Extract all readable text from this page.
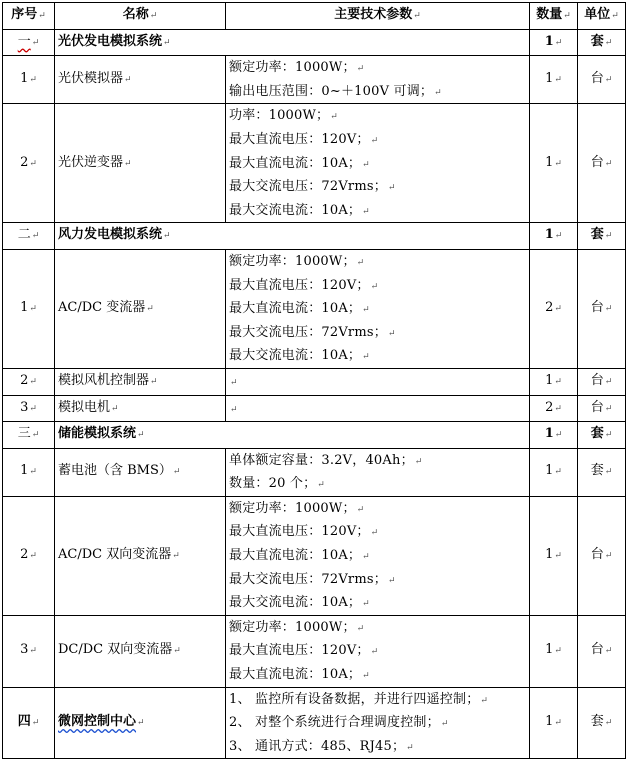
序号↵	名称↵	主要技术参数↵	数量↵	单位↵
一↵	光伏发电模拟系统↵		1↵	套↵
1↵	光伏模拟器↵	额定功率：1000W；↵
输出电压范围：0~＋100V 可调；↵	1↵	台↵
2↵	光伏逆变器↵	功率：1000W；↵
最大直流电压：120V；↵
最大直流电流：10A；↵
最大交流电压：72Vrms；↵
最大交流电流：10A；↵	1↵	台↵
二↵	风力发电模拟系统↵		1↵	套↵
1↵	AC/DC 变流器↵	额定功率：1000W；↵
最大直流电压：120V；↵
最大直流电流：10A；↵
最大交流电压：72Vrms；↵
最大交流电流：10A；↵	2↵	台↵
2↵	模拟风机控制器↵	↵	1↵	台↵
3↵	模拟电机↵	↵	2↵	台↵
三↵	储能模拟系统↵		1↵	套↵
1↵	蓄电池（含 BMS）↵	单体额定容量：3.2V，40Ah；↵
数量：20 个；↵	1↵	套↵
2↵	AC/DC 双向变流器↵	额定功率：1000W；↵
最大直流电压：120V；↵
最大直流电流：10A；↵
最大交流电压：72Vrms；↵
最大交流电流：10A；↵	1↵	台↵
3↵	DC/DC 双向变流器↵	额定功率：1000W；↵
最大直流电压：120V；↵
最大直流电流：10A；↵	1↵	台↵
四↵	微网控制中心↵	1、 监控所有设备数据，并进行四遥控制；↵
2、 对整个系统进行合理调度控制；↵
3、 通讯方式：485、RJ45；↵	1↵	套↵
